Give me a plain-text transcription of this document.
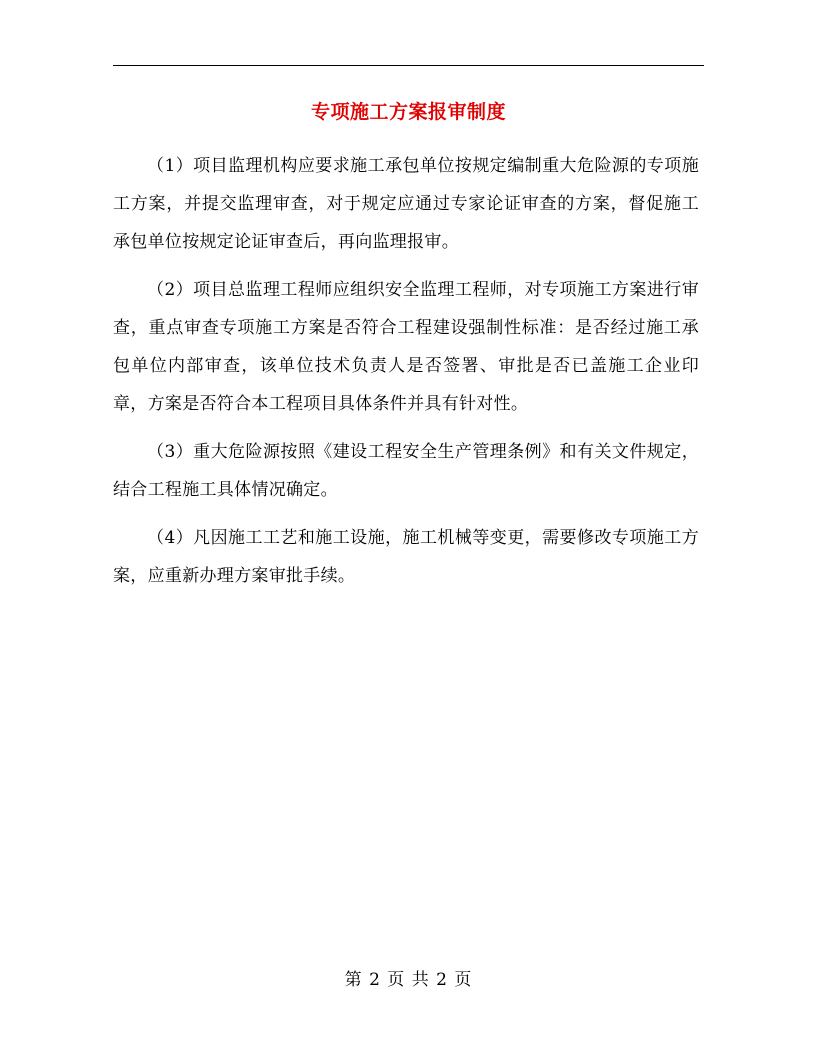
专项施工方案报审制度

（1）项目监理机构应要求施工承包单位按规定编制重大危险源的专项施工方案，并提交监理审查，对于规定应通过专家论证审查的方案，督促施工承包单位按规定论证审查后，再向监理报审。

（2）项目总监理工程师应组织安全监理工程师，对专项施工方案进行审查，重点审查专项施工方案是否符合工程建设强制性标准：是否经过施工承包单位内部审查，该单位技术负责人是否签署、审批是否已盖施工企业印章，方案是否符合本工程项目具体条件并具有针对性。

（3）重大危险源按照《建设工程安全生产管理条例》和有关文件规定，结合工程施工具体情况确定。

（4）凡因施工工艺和施工设施，施工机械等变更，需要修改专项施工方案，应重新办理方案审批手续。

第 2 页 共 2 页
